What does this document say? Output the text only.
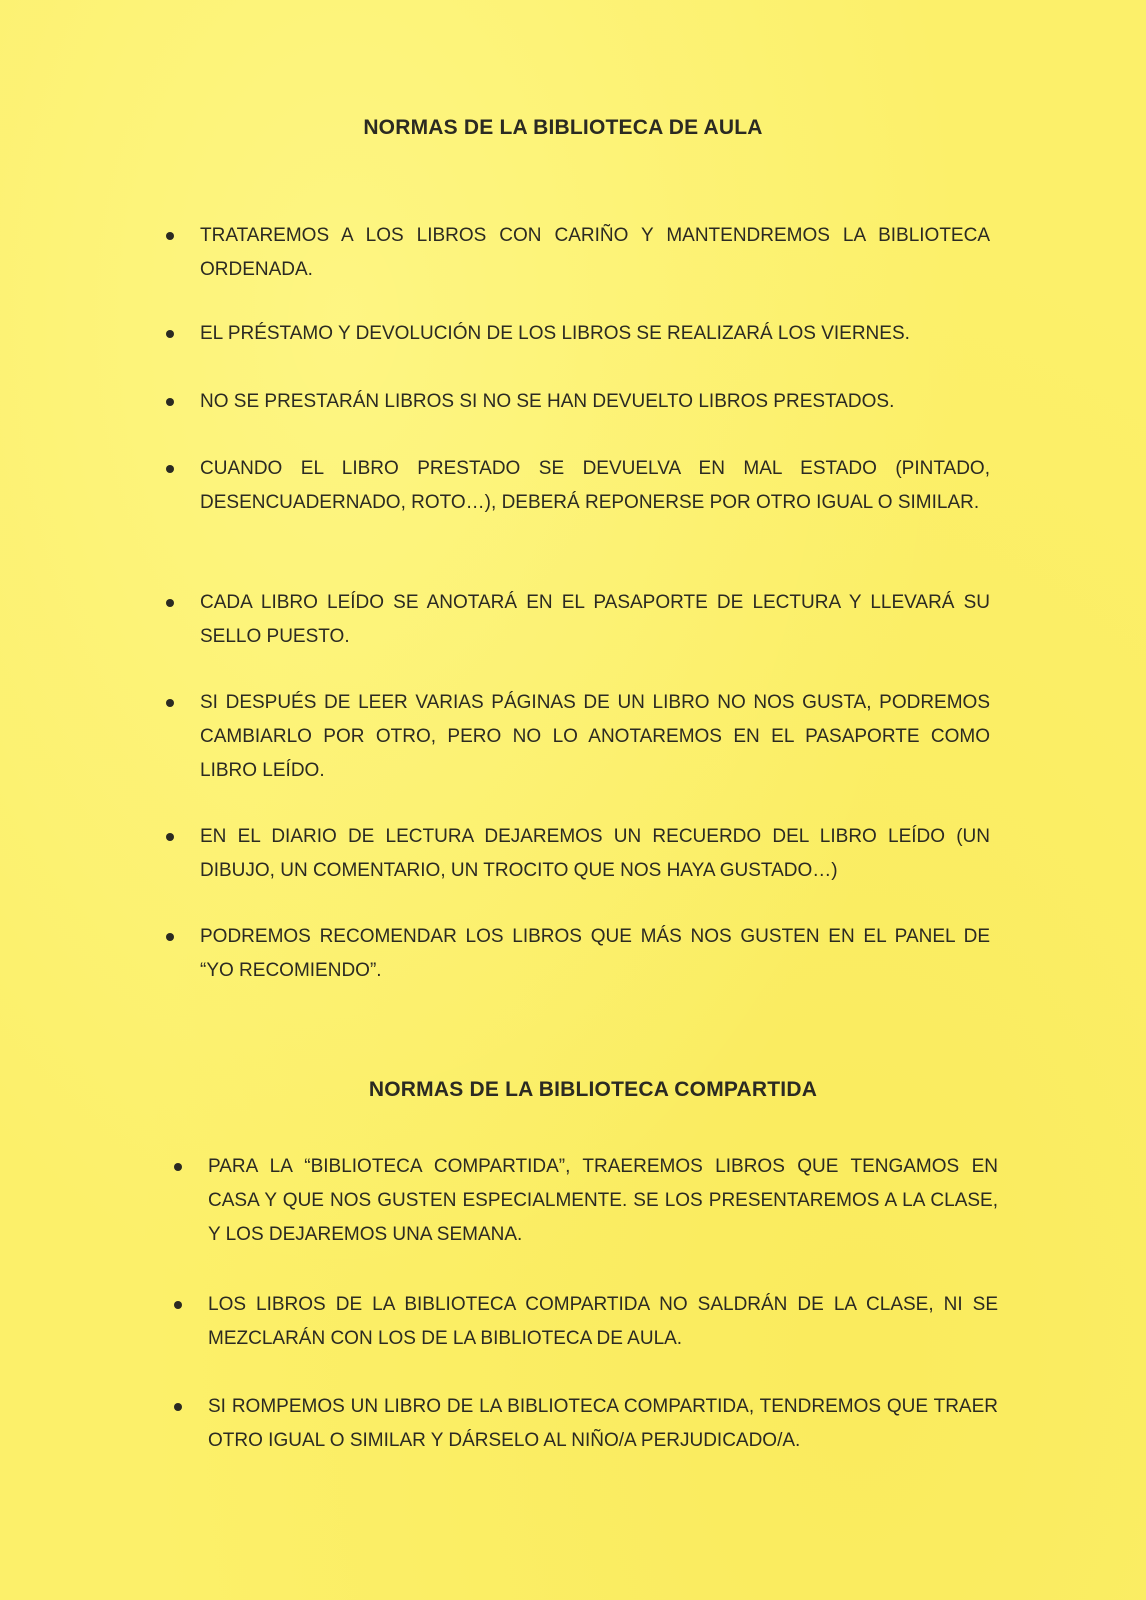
NORMAS DE LA BIBLIOTECA DE AULA
TRATAREMOS A LOS LIBROS CON CARIÑO Y MANTENDREMOS LA BIBLIOTECA ORDENADA.
EL PRÉSTAMO Y DEVOLUCIÓN DE LOS LIBROS SE REALIZARÁ LOS VIERNES.
NO SE PRESTARÁN LIBROS SI NO SE HAN DEVUELTO LIBROS PRESTADOS.
CUANDO EL LIBRO PRESTADO SE DEVUELVA EN MAL ESTADO (PINTADO, DESENCUADERNADO, ROTO…), DEBERÁ REPONERSE POR OTRO IGUAL O SIMILAR.
CADA LIBRO LEÍDO SE ANOTARÁ EN EL PASAPORTE DE LECTURA Y LLEVARÁ SU SELLO PUESTO.
SI DESPUÉS DE LEER VARIAS PÁGINAS DE UN LIBRO NO NOS GUSTA, PODREMOS CAMBIARLO POR OTRO, PERO NO LO ANOTAREMOS EN EL PASAPORTE COMO LIBRO LEÍDO.
EN EL DIARIO DE LECTURA DEJAREMOS UN RECUERDO DEL LIBRO LEÍDO (UN DIBUJO, UN COMENTARIO, UN TROCITO QUE NOS HAYA GUSTADO…)
PODREMOS RECOMENDAR LOS LIBROS QUE MÁS NOS GUSTEN EN EL PANEL DE “YO RECOMIENDO”.
NORMAS DE LA BIBLIOTECA COMPARTIDA
PARA LA “BIBLIOTECA COMPARTIDA”, TRAEREMOS LIBROS QUE TENGAMOS EN CASA Y QUE NOS GUSTEN ESPECIALMENTE. SE LOS PRESENTAREMOS A LA CLASE, Y LOS DEJAREMOS UNA SEMANA.
LOS LIBROS DE LA BIBLIOTECA COMPARTIDA NO SALDRÁN DE LA CLASE, NI SE MEZCLARÁN CON LOS DE LA BIBLIOTECA DE AULA.
SI ROMPEMOS UN LIBRO DE LA BIBLIOTECA COMPARTIDA, TENDREMOS QUE TRAER OTRO IGUAL O SIMILAR Y DÁRSELO AL NIÑO/A PERJUDICADO/A.
